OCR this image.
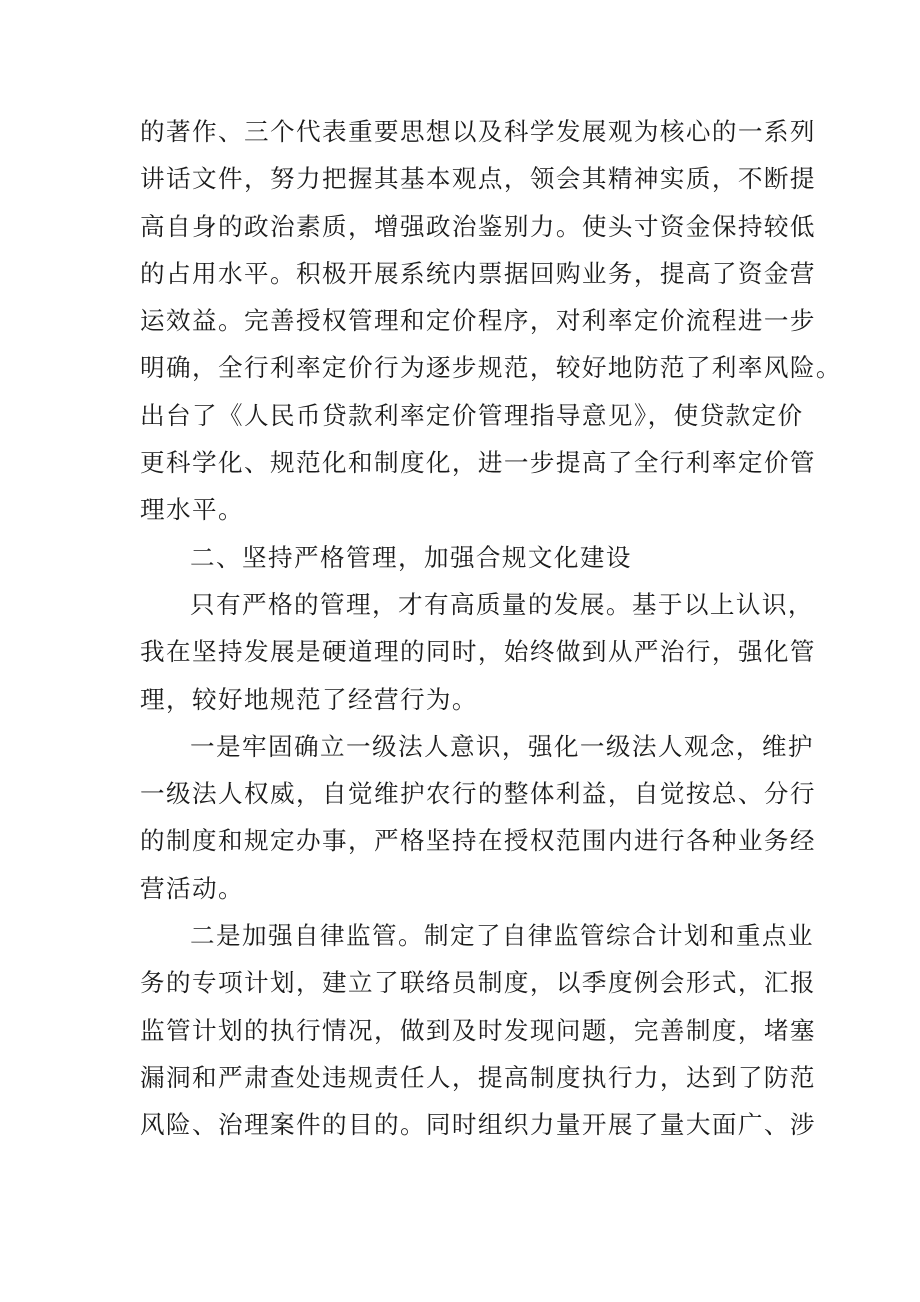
的著作、三个代表重要思想以及科学发展观为核心的一系列
讲话文件，努力把握其基本观点，领会其精神实质，不断提
高自身的政治素质，增强政治鉴别力。使头寸资金保持较低
的占用水平。积极开展系统内票据回购业务，提高了资金营
运效益。完善授权管理和定价程序，对利率定价流程进一步
明确，全行利率定价行为逐步规范，较好地防范了利率风险。
出台了《人民币贷款利率定价管理指导意见》，使贷款定价
更科学化、规范化和制度化，进一步提高了全行利率定价管
理水平。
二、坚持严格管理，加强合规文化建设
只有严格的管理，才有高质量的发展。基于以上认识，
我在坚持发展是硬道理的同时，始终做到从严治行，强化管
理，较好地规范了经营行为。
一是牢固确立一级法人意识，强化一级法人观念，维护
一级法人权威，自觉维护农行的整体利益，自觉按总、分行
的制度和规定办事，严格坚持在授权范围内进行各种业务经
营活动。
二是加强自律监管。制定了自律监管综合计划和重点业
务的专项计划，建立了联络员制度，以季度例会形式，汇报
监管计划的执行情况，做到及时发现问题，完善制度，堵塞
漏洞和严肃查处违规责任人，提高制度执行力，达到了防范
风险、治理案件的目的。同时组织力量开展了量大面广、涉
